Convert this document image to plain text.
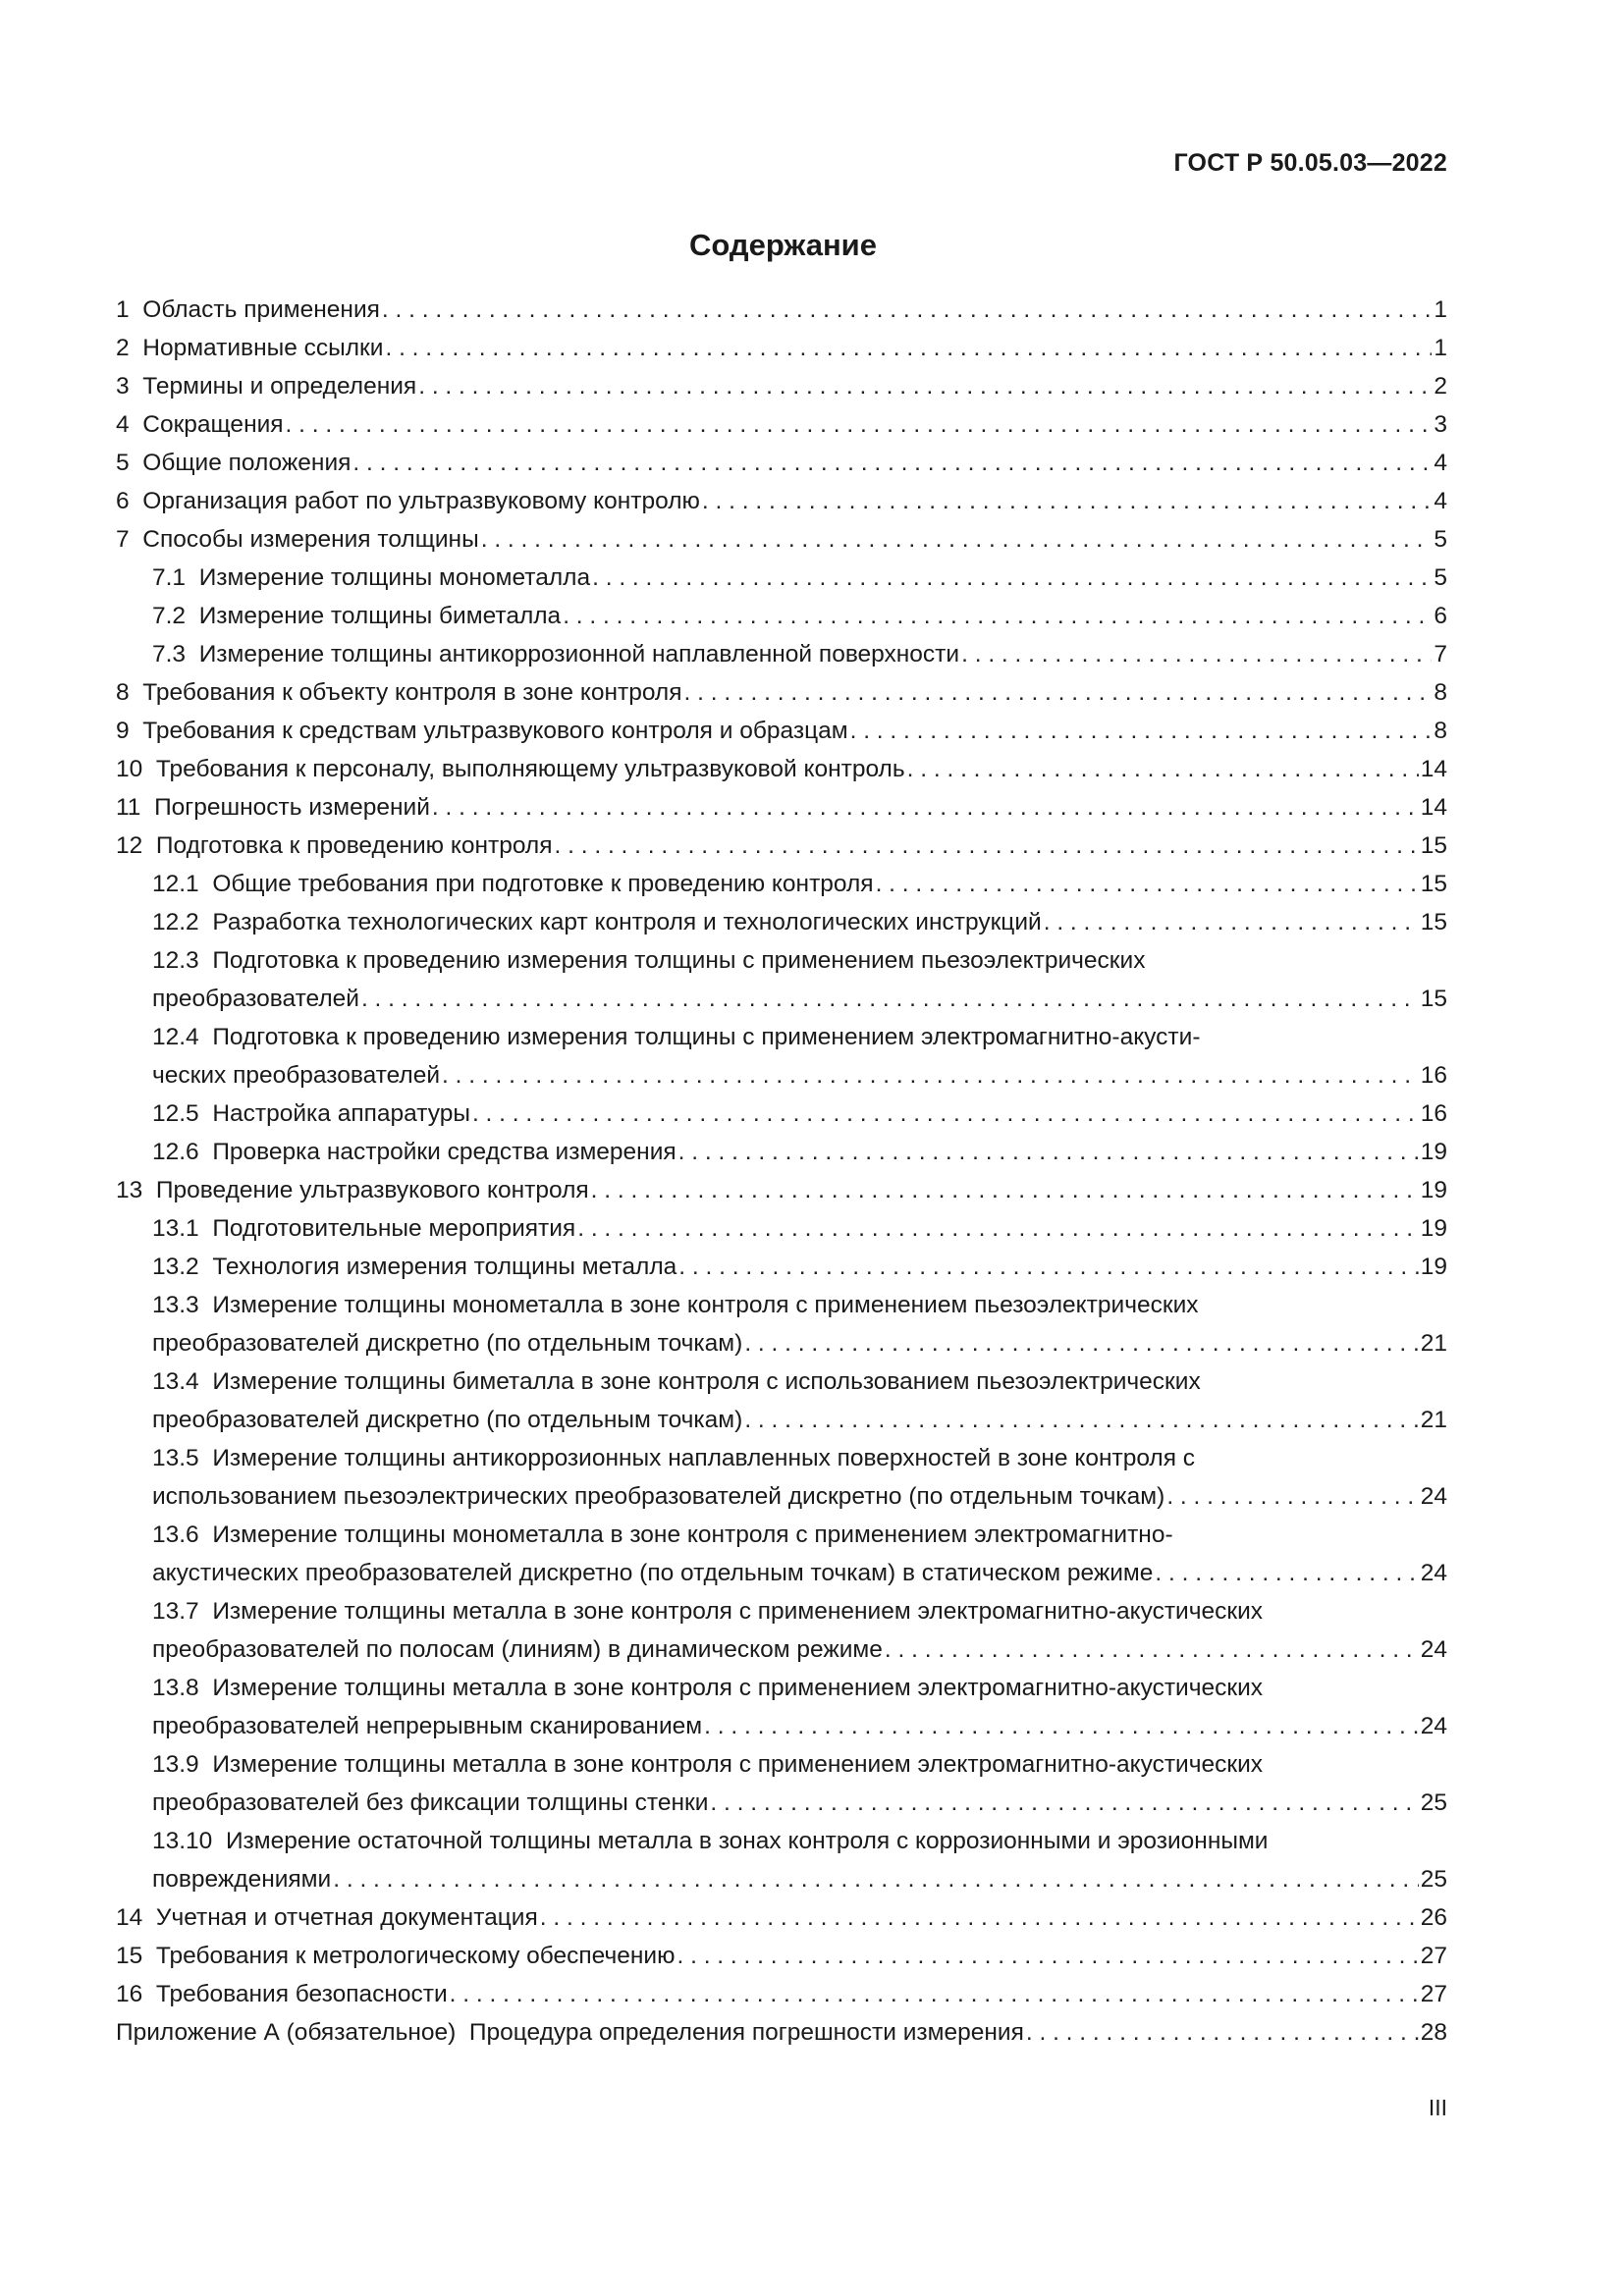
ГОСТ Р 50.05.03—2022
Содержание
1 Область применения . . .	1
2 Нормативные ссылки . . .	1
3 Термины и определения . . .	2
4 Сокращения . . .	3
5 Общие положения . . .	4
6 Организация работ по ультразвуковому контролю . . .	4
7 Способы измерения толщины . . .	5
7.1 Измерение толщины монометалла . . .	5
7.2 Измерение толщины биметалла . . .	6
7.3 Измерение толщины антикоррозионной наплавленной поверхности . . .	7
8 Требования к объекту контроля в зоне контроля . . .	8
9 Требования к средствам ультразвукового контроля и образцам . . .	8
10 Требования к персоналу, выполняющему ультразвуковой контроль . . .	14
11 Погрешность измерений . . .	14
12 Подготовка к проведению контроля . . .	15
12.1 Общие требования при подготовке к проведению контроля . . .	15
12.2 Разработка технологических карт контроля и технологических инструкций . . .	15
12.3 Подготовка к проведению измерения толщины с применением пьезоэлектрических
преобразователей . . .	15
12.4 Подготовка к проведению измерения толщины с применением электромагнитно-акусти-
ческих преобразователей . . .	16
12.5 Настройка аппаратуры . . .	16
12.6 Проверка настройки средства измерения . . .	19
13 Проведение ультразвукового контроля . . .	19
13.1 Подготовительные мероприятия . . .	19
13.2 Технология измерения толщины металла . . .	19
13.3 Измерение толщины монометалла в зоне контроля с применением пьезоэлектрических
преобразователей дискретно (по отдельным точкам) . . .	21
13.4 Измерение толщины биметалла в зоне контроля с использованием пьезоэлектрических
преобразователей дискретно (по отдельным точкам) . . .	21
13.5 Измерение толщины антикоррозионных наплавленных поверхностей в зоне контроля с
использованием пьезоэлектрических преобразователей дискретно (по отдельным точкам) . . .	24
13.6 Измерение толщины монометалла в зоне контроля с применением электромагнитно-
акустических преобразователей дискретно (по отдельным точкам) в статическом режиме . . .	24
13.7 Измерение толщины металла в зоне контроля с применением электромагнитно-акустических
преобразователей по полосам (линиям) в динамическом режиме . . .	24
13.8 Измерение толщины металла в зоне контроля с применением электромагнитно-акустических
преобразователей непрерывным сканированием . . .	24
13.9 Измерение толщины металла в зоне контроля с применением электромагнитно-акустических
преобразователей без фиксации толщины стенки . . .	25
13.10 Измерение остаточной толщины металла в зонах контроля с коррозионными и эрозионными
повреждениями . . .	25
14 Учетная и отчетная документация . . .	26
15 Требования к метрологическому обеспечению . . .	27
16 Требования безопасности . . .	27
Приложение А (обязательное) Процедура определения погрешности измерения . . .	28
III
